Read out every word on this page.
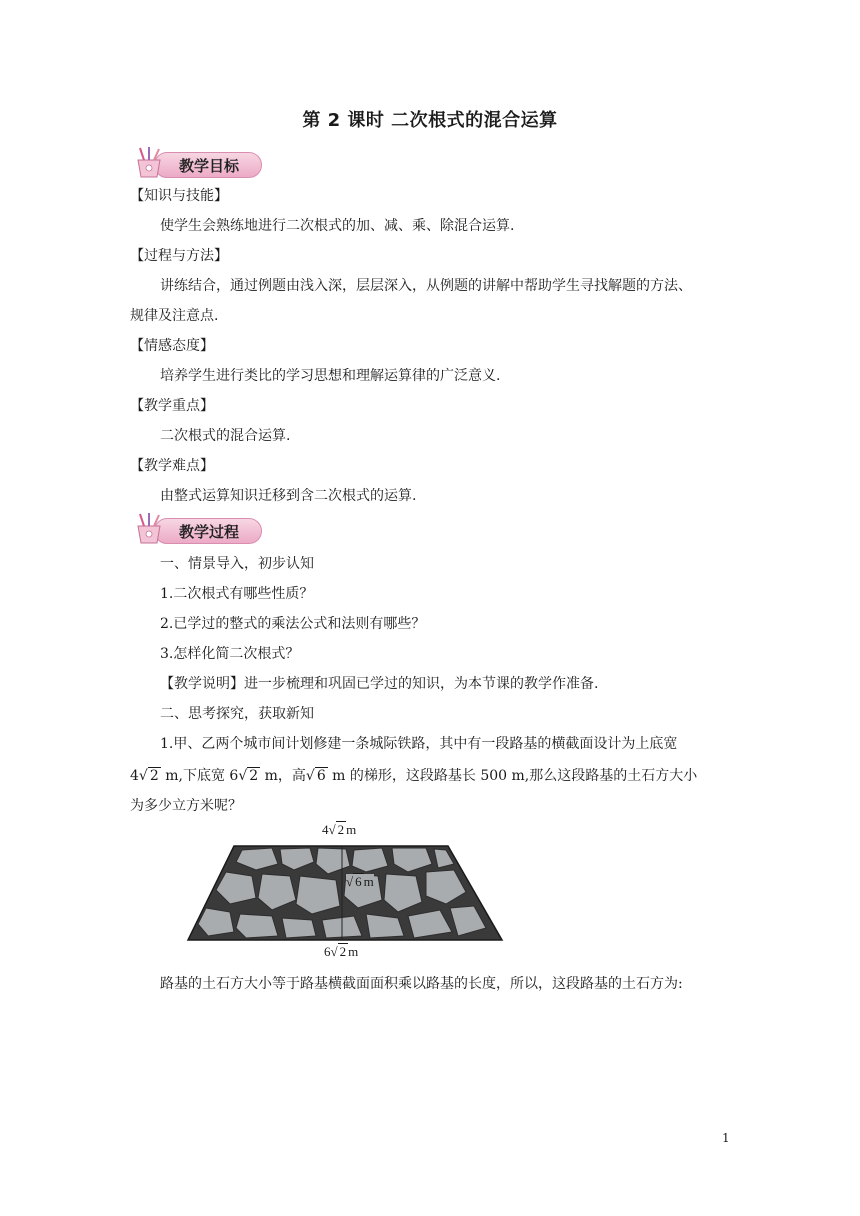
第 2 课时 二次根式的混合运算
教学目标
【知识与技能】
使学生会熟练地进行二次根式的加、减、乘、除混合运算.
【过程与方法】
讲练结合，通过例题由浅入深，层层深入，从例题的讲解中帮助学生寻找解题的方法、
规律及注意点.
【情感态度】
培养学生进行类比的学习思想和理解运算律的广泛意义.
【教学重点】
二次根式的混合运算.
【教学难点】
由整式运算知识迁移到含二次根式的运算.
教学过程
一、情景导入，初步认知
1.二次根式有哪些性质？
2.已学过的整式的乘法公式和法则有哪些？
3.怎样化简二次根式？
【教学说明】进一步梳理和巩固已学过的知识，为本节课的教学作准备.
二、思考探究，获取新知
1.甲、乙两个城市间计划修建一条城际铁路，其中有一段路基的横截面设计为上底宽
4√ 2 m,下底宽 6√ 2 m，高√ 6 m 的梯形，这段路基长 500 m,那么这段路基的土石方大小
为多少立方米呢？
4√ 2 m
√ 6 m
6√ 2 m
路基的土石方大小等于路基横截面面积乘以路基的长度，所以，这段路基的土石方为:
1
